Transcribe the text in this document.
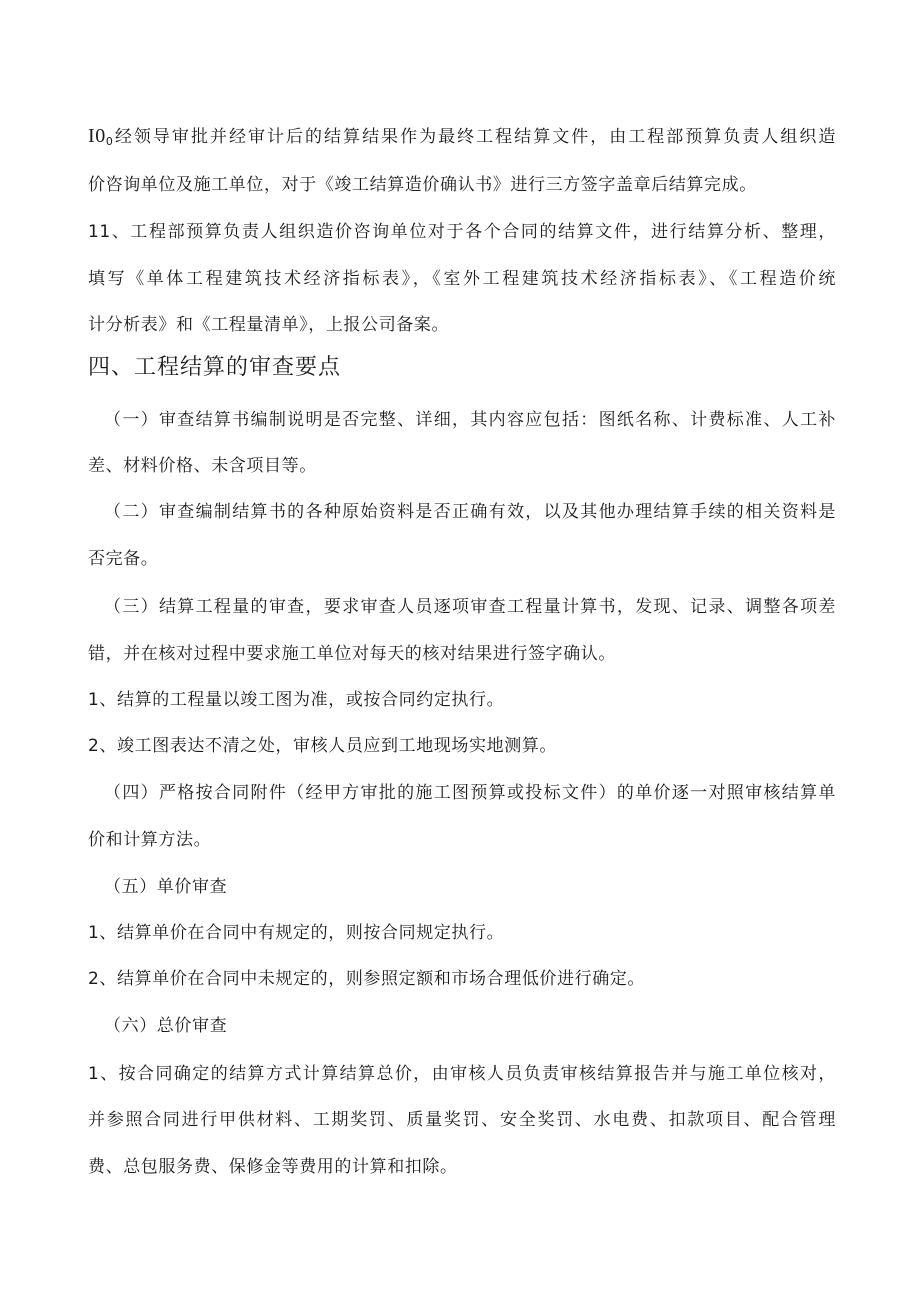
$I0_0$经领导审批并经审计后的结算结果作为最终工程结算文件，由工程部预算负责人组织造
价咨询单位及施工单位，对于《竣工结算造价确认书》进行三方签字盖章后结算完成。
11、工程部预算负责人组织造价咨询单位对于各个合同的结算文件，进行结算分析、整理，
填写《单体工程建筑技术经济指标表》，《室外工程建筑技术经济指标表》、《工程造价统
计分析表》和《工程量清单》，上报公司备案。
四、工程结算的审查要点
（一）审查结算书编制说明是否完整、详细，其内容应包括：图纸名称、计费标准、人工补
差、材料价格、未含项目等。
（二）审查编制结算书的各种原始资料是否正确有效，以及其他办理结算手续的相关资料是
否完备。
（三）结算工程量的审查，要求审查人员逐项审查工程量计算书，发现、记录、调整各项差
错，并在核对过程中要求施工单位对每天的核对结果进行签字确认。
1、结算的工程量以竣工图为准，或按合同约定执行。
2、竣工图表达不清之处，审核人员应到工地现场实地测算。
（四）严格按合同附件（经甲方审批的施工图预算或投标文件）的单价逐一对照审核结算单
价和计算方法。
（五）单价审查
1、结算单价在合同中有规定的，则按合同规定执行。
2、结算单价在合同中未规定的，则参照定额和市场合理低价进行确定。
（六）总价审查
1、按合同确定的结算方式计算结算总价，由审核人员负责审核结算报告并与施工单位核对，
并参照合同进行甲供材料、工期奖罚、质量奖罚、安全奖罚、水电费、扣款项目、配合管理
费、总包服务费、保修金等费用的计算和扣除。
